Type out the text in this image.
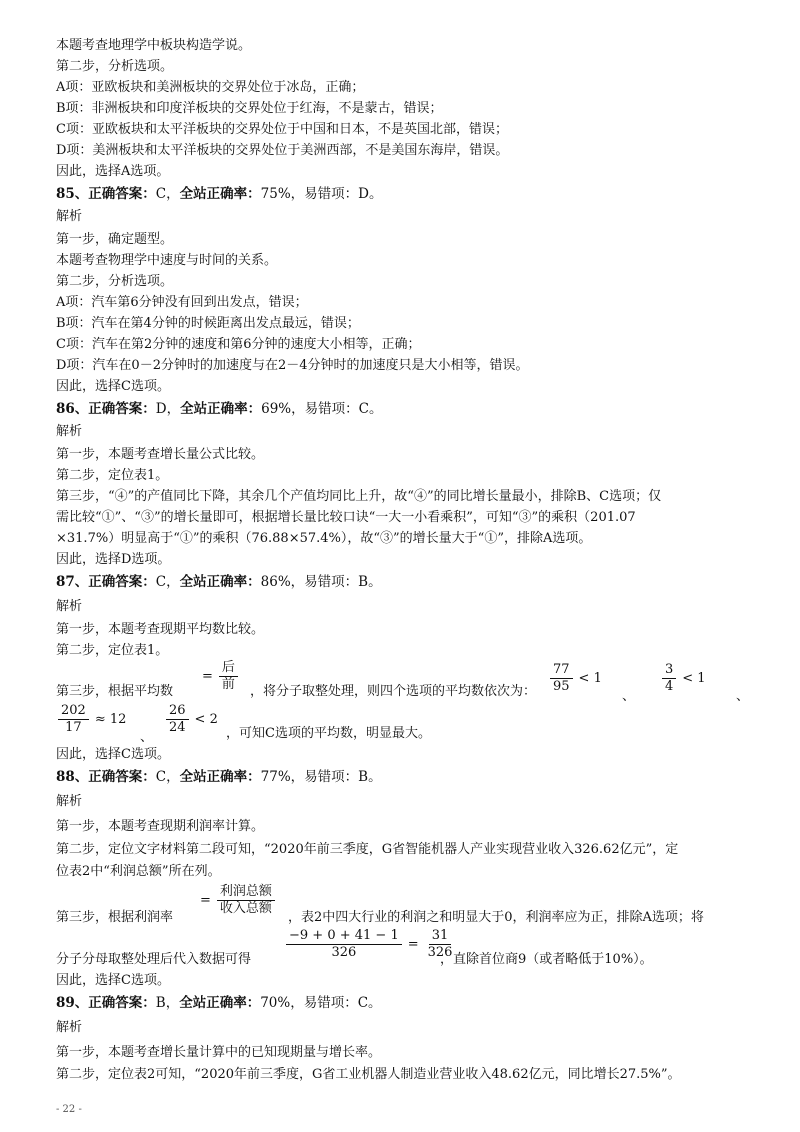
本题考查地理学中板块构造学说。
第二步，分析选项。
A项：亚欧板块和美洲板块的交界处位于冰岛，正确；
B项：非洲板块和印度洋板块的交界处位于红海，不是蒙古，错误；
C项：亚欧板块和太平洋板块的交界处位于中国和日本，不是英国北部，错误；
D项：美洲板块和太平洋板块的交界处位于美洲西部，不是美国东海岸，错误。
因此，选择A选项。
85、正确答案：C，全站正确率：75%，易错项：D。
解析
第一步，确定题型。
本题考查物理学中速度与时间的关系。
第二步，分析选项。
A项：汽车第6分钟没有回到出发点，错误；
B项：汽车在第4分钟的时候距离出发点最远，错误；
C项：汽车在第2分钟的速度和第6分钟的速度大小相等，正确；
D项：汽车在0－2分钟时的加速度与在2－4分钟时的加速度只是大小相等，错误。
因此，选择C选项。
86、正确答案：D，全站正确率：69%，易错项：C。
解析
第一步，本题考查增长量公式比较。
第二步，定位表1。
第三步，“④”的产值同比下降，其余几个产值均同比上升，故“④”的同比增长量最小，排除B、C选项；仅
需比较“①”、“③”的增长量即可，根据增长量比较口诀“一大一小看乘积”，可知“③”的乘积（201.07
×31.7%）明显高于“①”的乘积（76.88×57.4%），故“③”的增长量大于“①”，排除A选项。
因此，选择D选项。
87、正确答案：C，全站正确率：86%，易错项：B。
解析
第一步，本题考查现期平均数比较。
第二步，定位表1。
第三步，根据平均数
= $\frac{\text{后}}{\text{前}}$ ，将分子取整处理，则四个选项的平均数依次为：	$\frac{77}{95} < 1$
、
$\frac{3}{4} < 1$
、
$\frac{202}{17} \approx 12$
、
$\frac{26}{24} < 2$
，可知C选项的平均数，明显最大。
因此，选择C选项。
88、正确答案：C，全站正确率：77%，易错项：B。
解析
第一步，本题考查现期利润率计算。
第二步，定位文字材料第二段可知，“2020年前三季度，G省智能机器人产业实现营业收入326.62亿元”，定
位表2中“利润总额”所在列。
第三步，根据利润率
= $\frac{\text{利润总额}}{\text{收入总额}}$
，表2中四大行业的利润之和明显大于0，利润率应为正，排除A选项；将
分子分母取整处理后代入数据可得	$\frac{-9 + 0 + 41 - 1}{326} = \frac{31}{326}$
，直除首位商9（或者略低于10%）。
因此，选择C选项。
89、正确答案：B，全站正确率：70%，易错项：C。
解析
第一步，本题考查增长量计算中的已知现期量与增长率。
第二步，定位表2可知，“2020年前三季度，G省工业机器人制造业营业收入48.62亿元，同比增长27.5%”。
- 22 -
